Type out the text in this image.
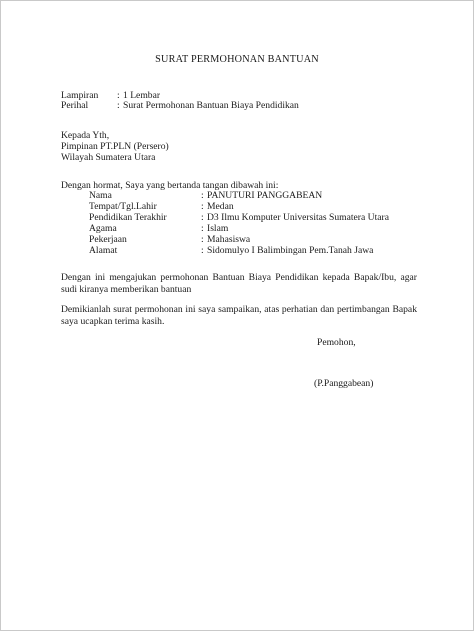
SURAT PERMOHONAN BANTUAN
Lampiran : 1 Lembar
Perihal	: Surat Permohonan Bantuan Biaya Pendidikan
Kepada Yth,
Pimpinan PT.PLN (Persero)
Wilayah Sumatera Utara
Dengan hormat, Saya yang bertanda tangan dibawah ini:
Nama	: PANUTURI PANGGABEAN
Tempat/Tgl.Lahir	: Medan
Pendidikan Terakhir	: D3 Ilmu Komputer Universitas Sumatera Utara
Agama	: Islam
Pekerjaan	: Mahasiswa
Alamat	: Sidomulyo I Balimbingan Pem.Tanah Jawa
Dengan ini mengajukan permohonan Bantuan Biaya Pendidikan kepada Bapak/Ibu, agar sudi kiranya memberikan bantuan
Demikianlah surat permohonan ini saya sampaikan, atas perhatian dan pertimbangan Bapak saya ucapkan terima kasih.
Pemohon,
(P.Panggabean)
